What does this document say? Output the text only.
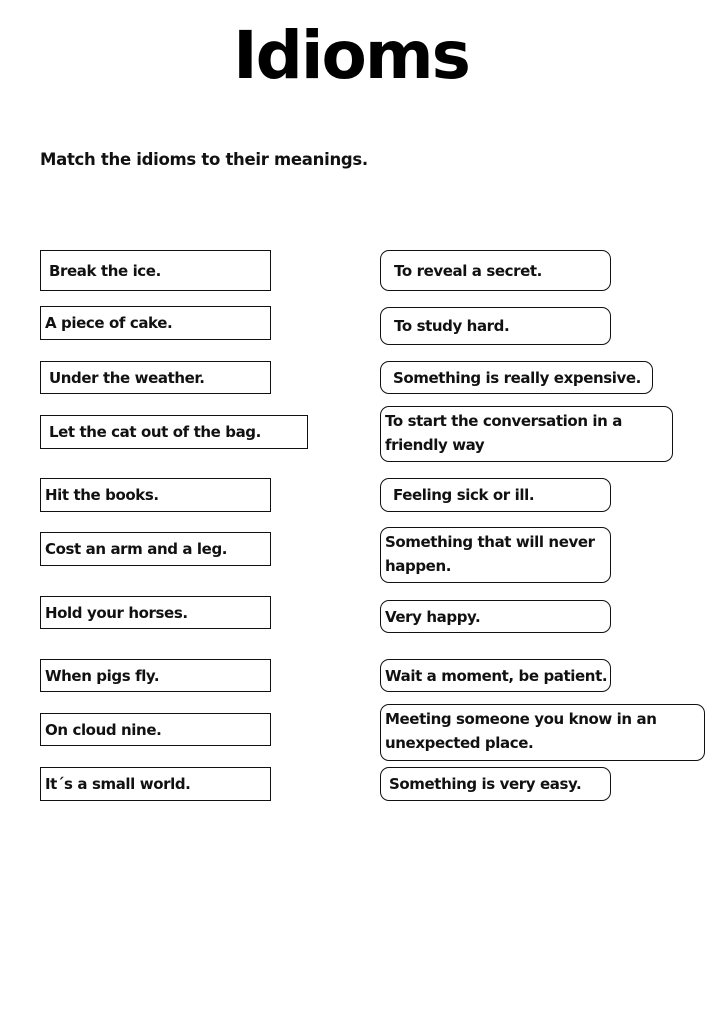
Idioms
Match the idioms to their meanings.
Break the ice.
A piece of cake.
Under the weather.
Let the cat out of the bag.
Hit the books.
Cost an arm and a leg.
Hold your horses.
When pigs fly.
On cloud nine.
It´s a small world.
To reveal a secret.
To study hard.
Something is really expensive.
To start the conversation in a friendly way
Feeling sick or ill.
Something that will never happen.
Very happy.
Wait a moment, be patient.
Meeting someone you know in an unexpected place.
Something is very easy.
